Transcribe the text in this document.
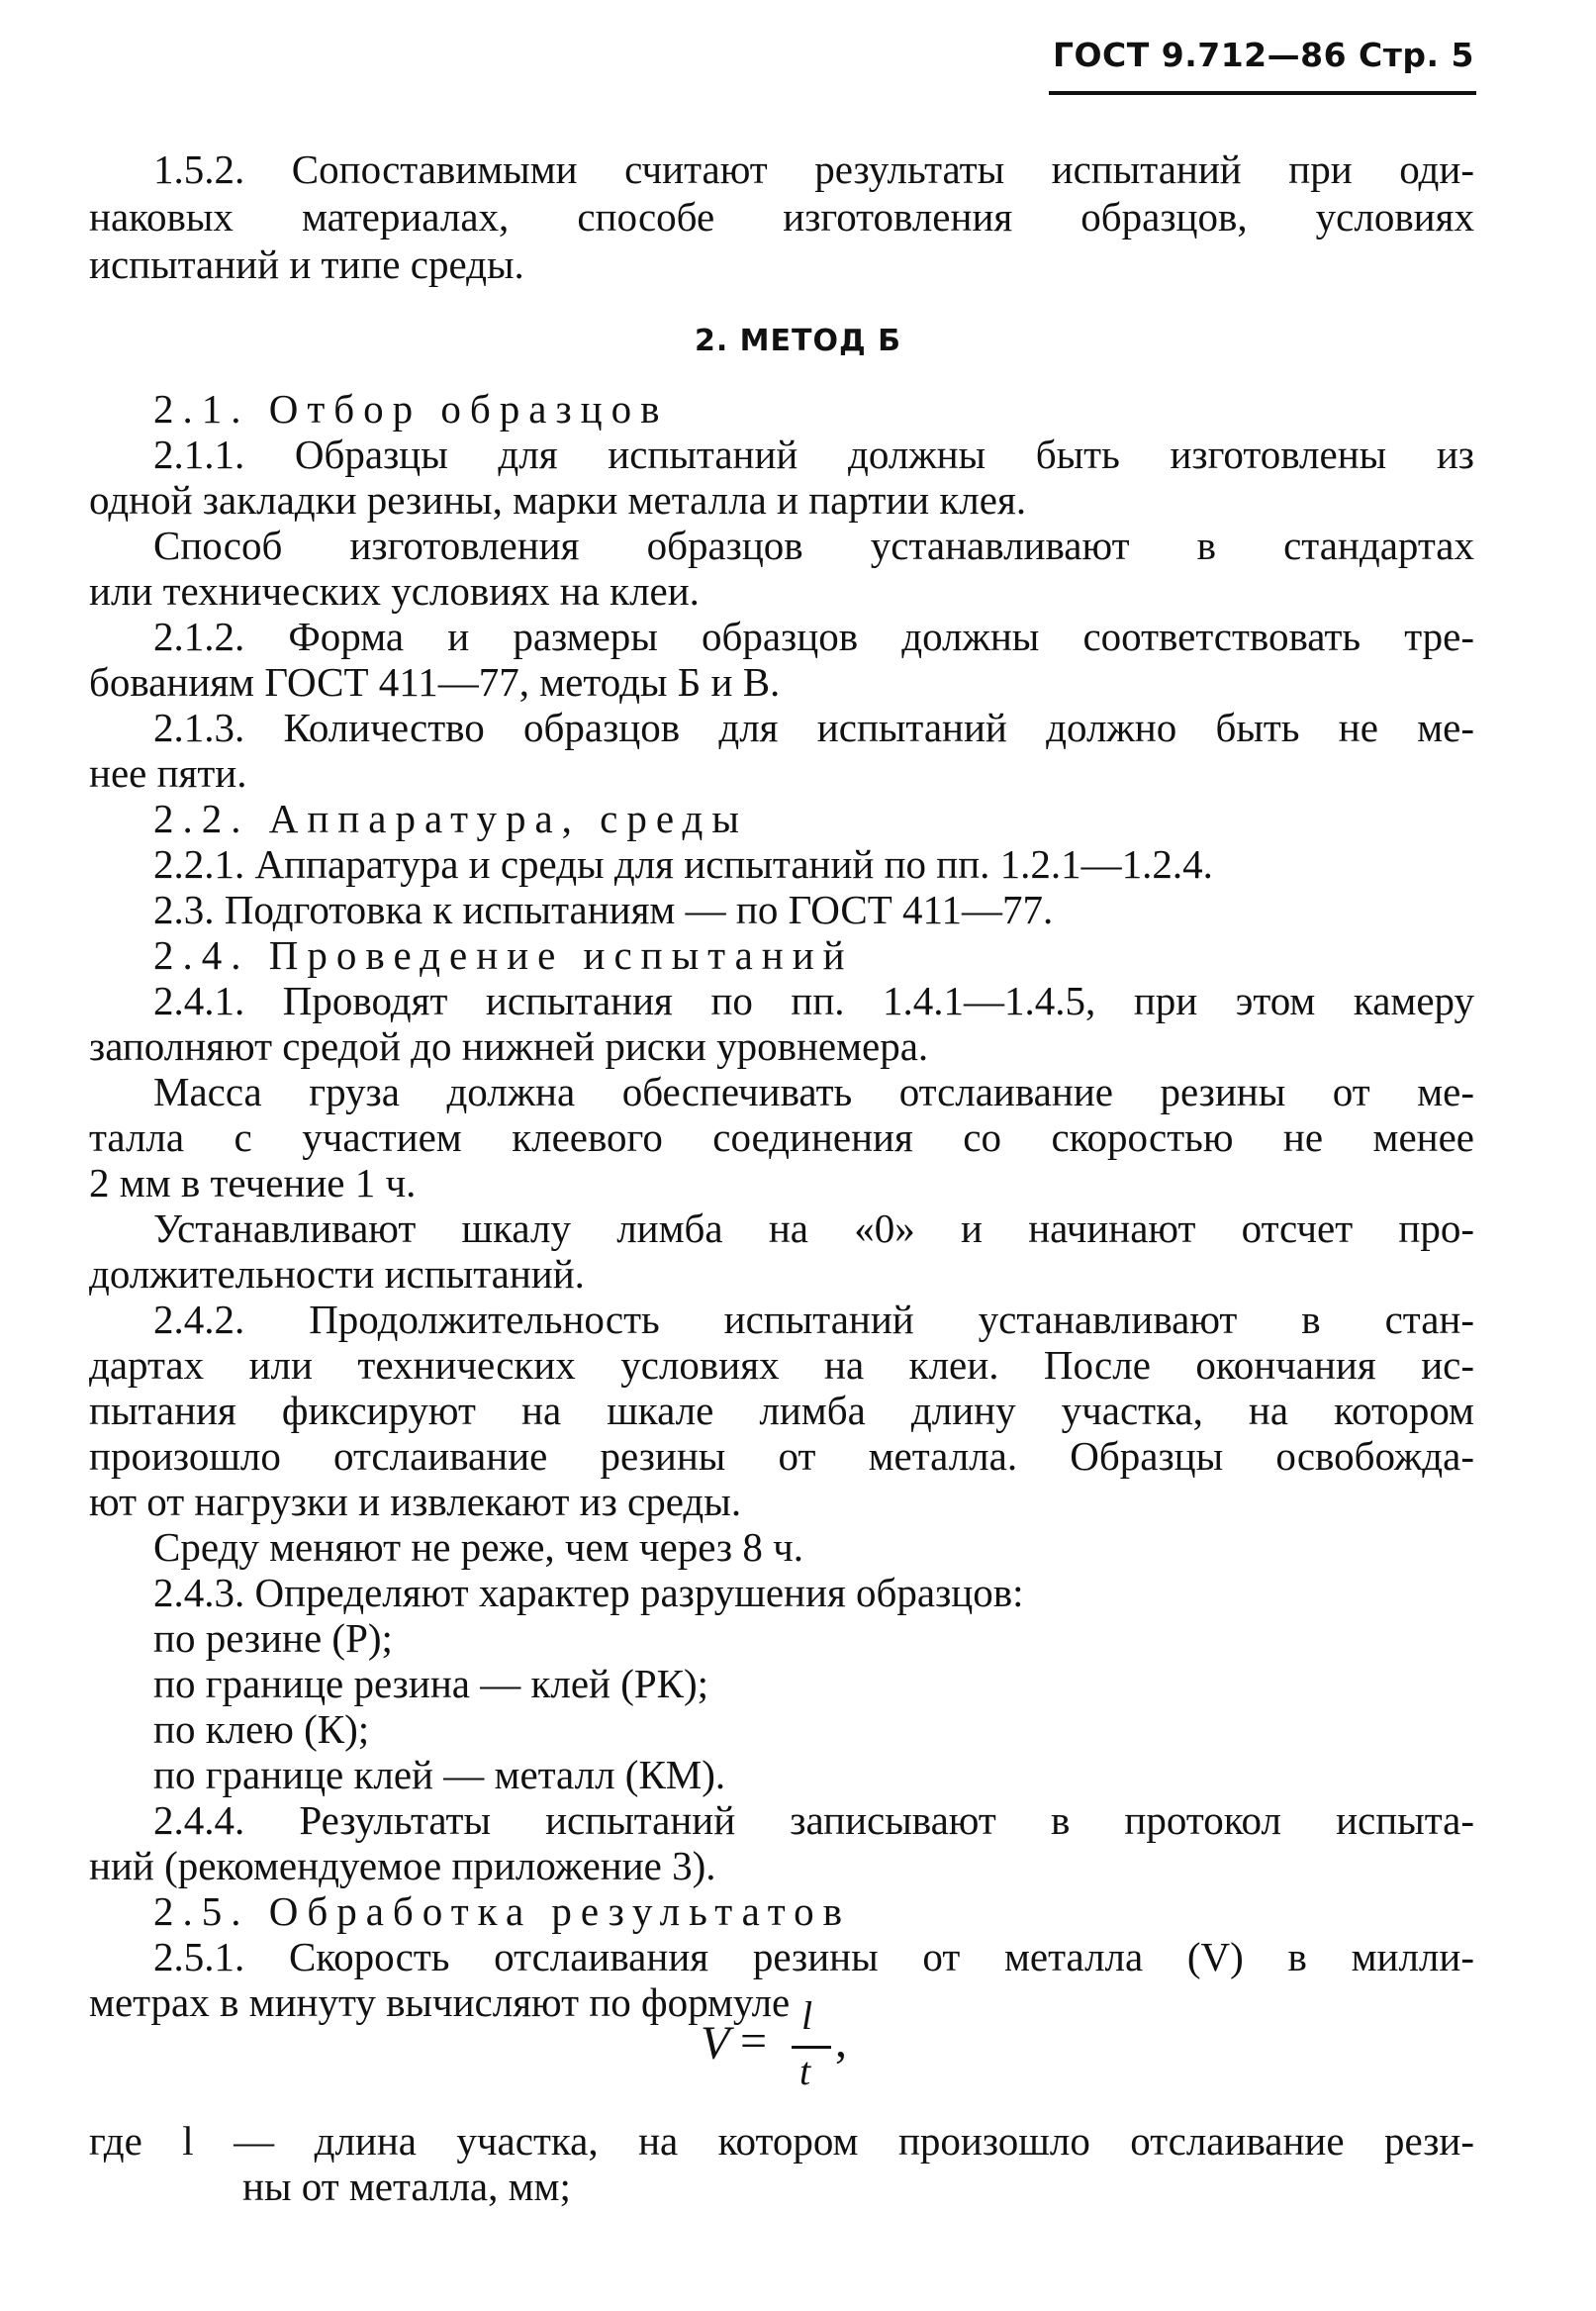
ГОСТ 9.712—86 Стр. 5
1.5.2. Сопоставимыми считают результаты испытаний при оди-
наковых материалах, способе изготовления образцов, условиях
испытаний и типе среды.
2. МЕТОД Б
2.1. Отбор образцов
2.1.1. Образцы для испытаний должны быть изготовлены из
одной закладки резины, марки металла и партии клея.
Способ изготовления образцов устанавливают в стандартах
или технических условиях на клеи.
2.1.2. Форма и размеры образцов должны соответствовать тре-
бованиям ГОСТ 411—77, методы Б и В.
2.1.3. Количество образцов для испытаний должно быть не ме-
нее пяти.
2.2. Аппаратура, среды
2.2.1. Аппаратура и среды для испытаний по пп. 1.2.1—1.2.4.
2.3. Подготовка к испытаниям — по ГОСТ 411—77.
2.4. Проведение испытаний
2.4.1. Проводят испытания по пп. 1.4.1—1.4.5, при этом камеру
заполняют средой до нижней риски уровнемера.
Масса груза должна обеспечивать отслаивание резины от ме-
талла с участием клеевого соединения со скоростью не менее
2 мм в течение 1 ч.
Устанавливают шкалу лимба на «0» и начинают отсчет про-
должительности испытаний.
2.4.2. Продолжительность испытаний устанавливают в стан-
дартах или технических условиях на клеи. После окончания ис-
пытания фиксируют на шкале лимба длину участка, на котором
произошло отслаивание резины от металла. Образцы освобожда-
ют от нагрузки и извлекают из среды.
Среду меняют не реже, чем через 8 ч.
2.4.3. Определяют характер разрушения образцов:
по резине (Р);
по границе резина — клей (РК);
по клею (К);
по границе клей — металл (КМ).
2.4.4. Результаты испытаний записывают в протокол испыта-
ний (рекомендуемое приложение 3).
2.5. Обработка результатов
2.5.1. Скорость отслаивания резины от металла (V) в милли-
метрах в минуту вычисляют по формуле
V = l
t
,
где l — длина участка, на котором произошло отслаивание рези-
ны от металла, мм;
